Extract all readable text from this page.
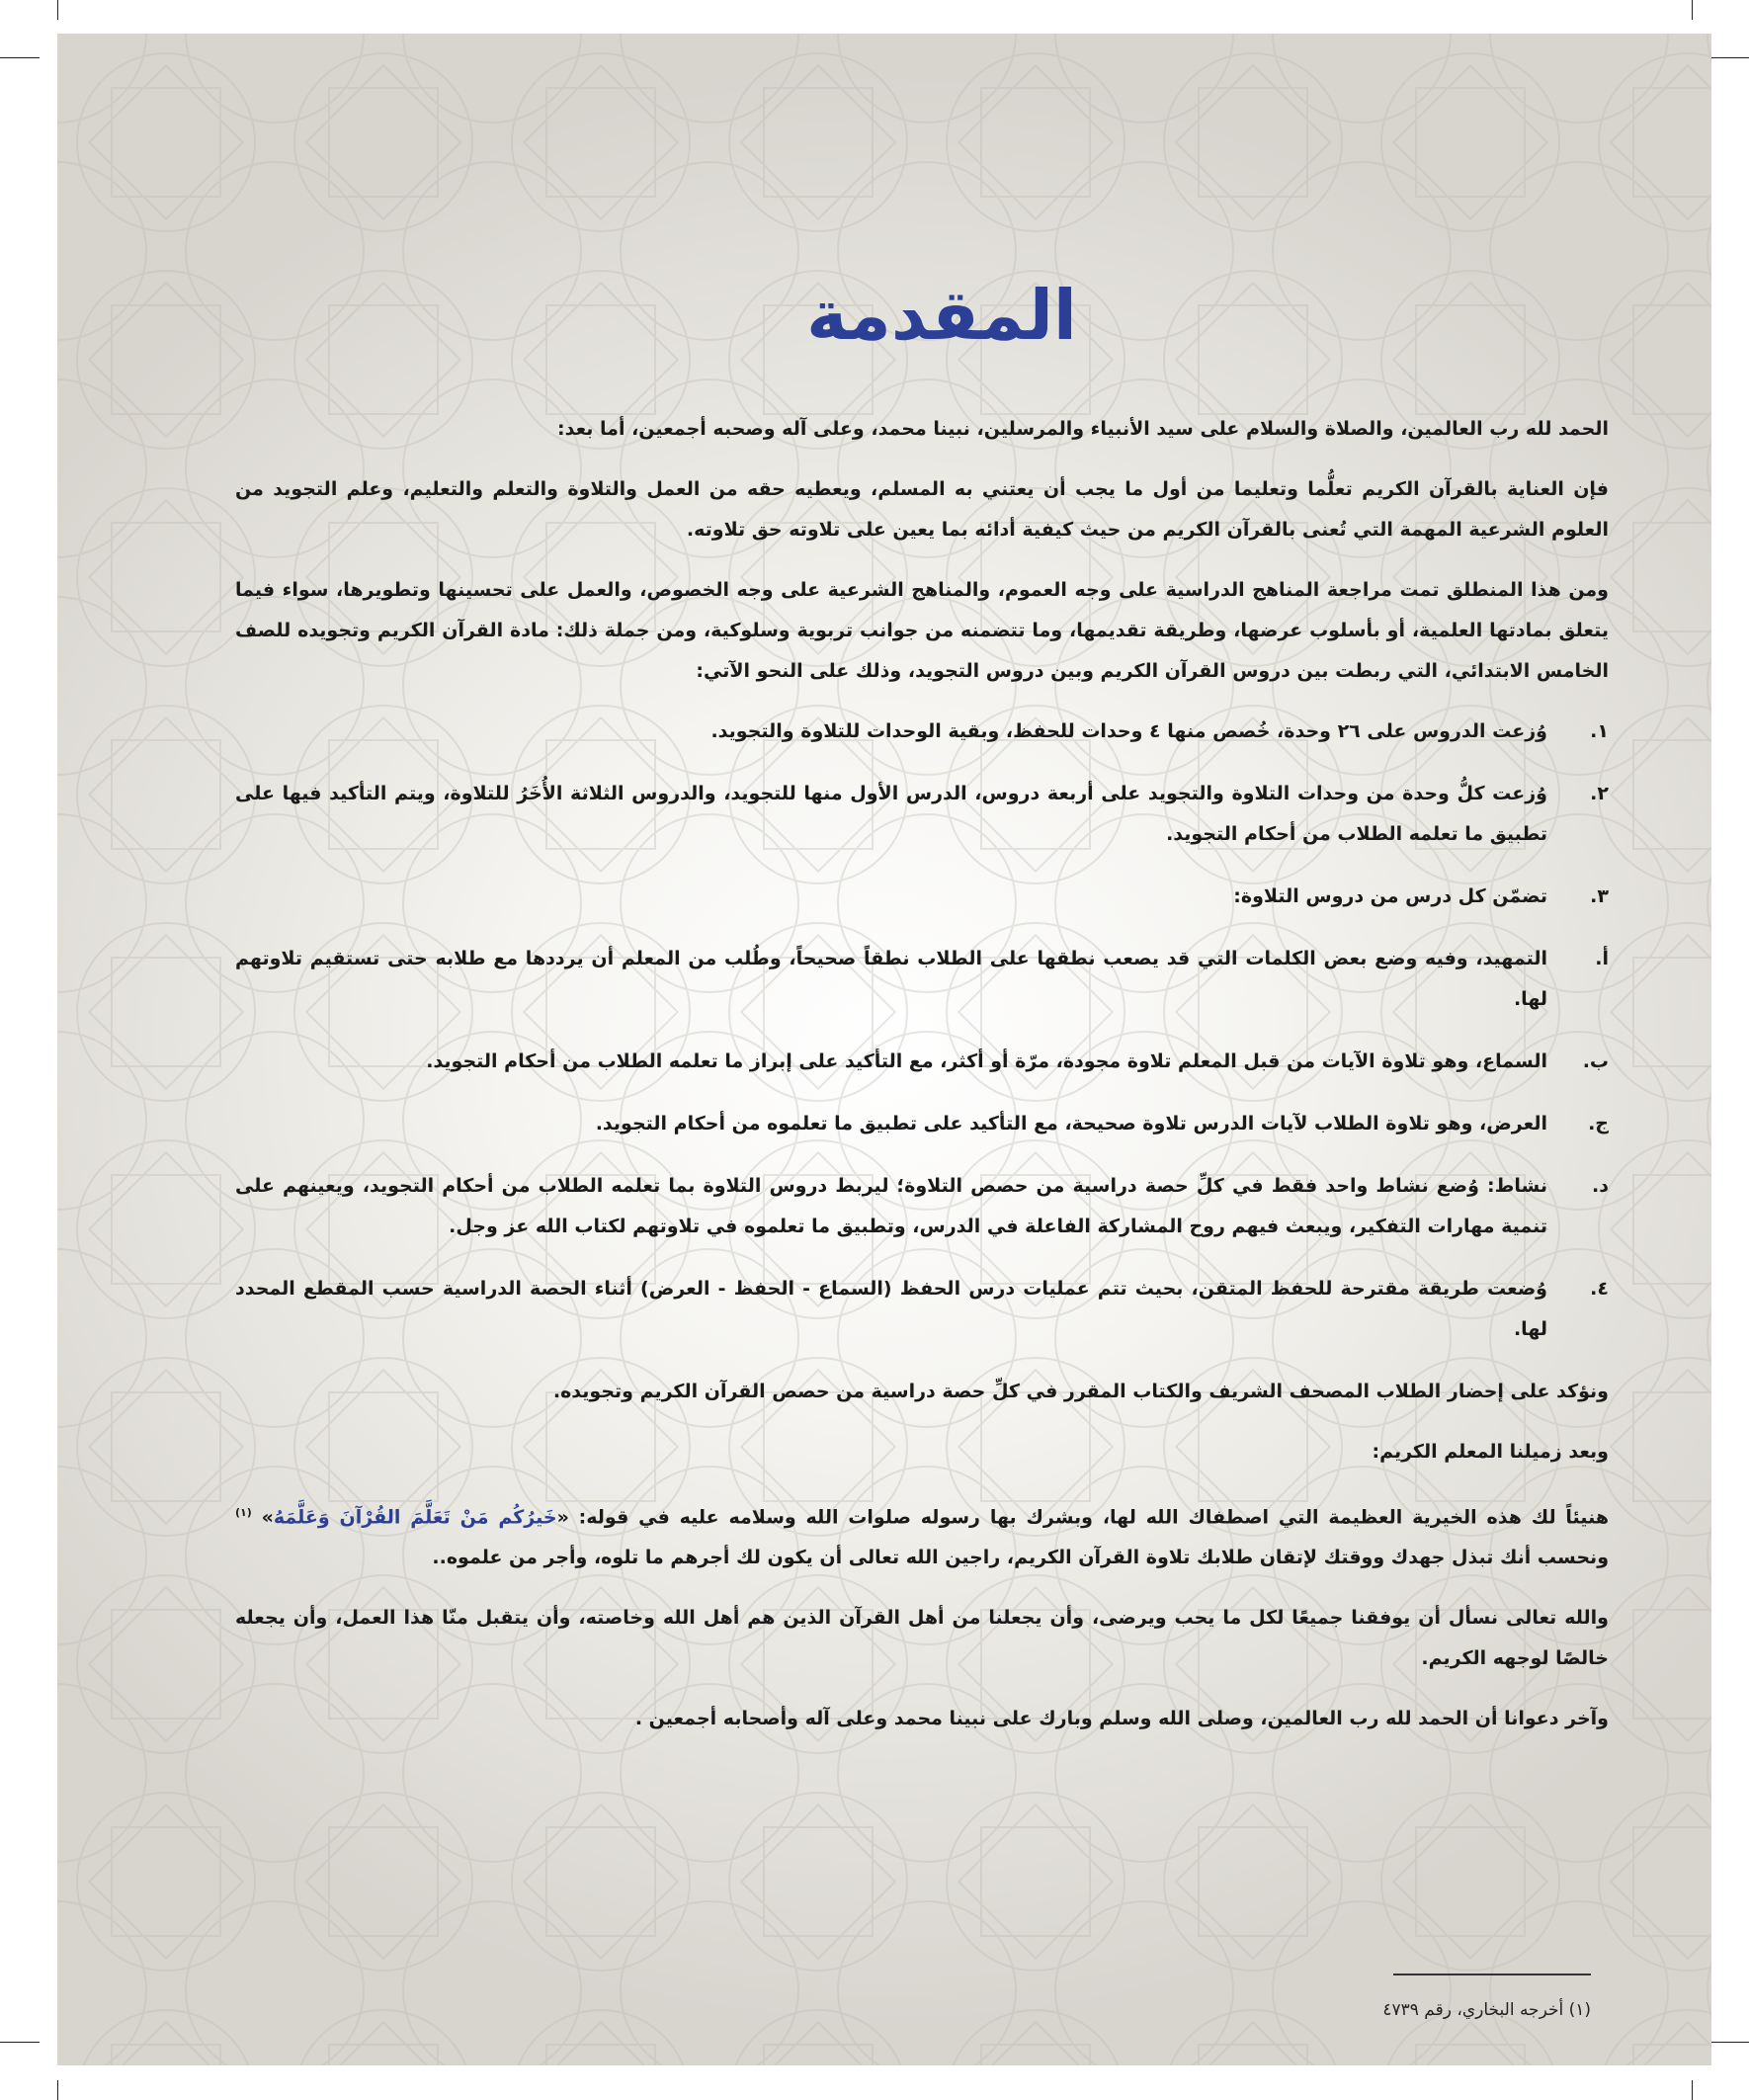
المقدمة

الحمد لله رب العالمين، والصلاة والسلام على سيد الأنبياء والمرسلين، نبينا محمد، وعلى آله وصحبه أجمعين، أما بعد:

فإن العناية بالقرآن الكريم تعلُّما وتعليما من أول ما يجب أن يعتني به المسلم، ويعطيه حقه من العمل والتلاوة والتعلم والتعليم، وعلم التجويد من العلوم الشرعية المهمة التي تُعنى بالقرآن الكريم من حيث كيفية أدائه بما يعين على تلاوته حق تلاوته.

ومن هذا المنطلق تمت مراجعة المناهج الدراسية على وجه العموم، والمناهج الشرعية على وجه الخصوص، والعمل على تحسينها وتطويرها، سواء فيما يتعلق بمادتها العلمية، أو بأسلوب عرضها، وطريقة تقديمها، وما تتضمنه من جوانب تربوية وسلوكية، ومن جملة ذلك: مادة القرآن الكريم وتجويده للصف الخامس الابتدائي، التي ربطت بين دروس القرآن الكريم وبين دروس التجويد، وذلك على النحو الآتي:

١.
وُزعت الدروس على ٢٦ وحدة، خُصص منها ٤ وحدات للحفظ، وبقية الوحدات للتلاوة والتجويد.
٢.
وُزعت كلُّ وحدة من وحدات التلاوة والتجويد على أربعة دروس، الدرس الأول منها للتجويد، والدروس الثلاثة الأُخَرُ للتلاوة، ويتم التأكيد فيها على تطبيق ما تعلمه الطلاب من أحكام التجويد.
٣.
تضمّن كل درس من دروس التلاوة:
أ.
التمهيد، وفيه وضع بعض الكلمات التي قد يصعب نطقها على الطلاب نطقاً صحيحاً، وطُلب من المعلم أن يرددها مع طلابه حتى تستقيم تلاوتهم لها.
ب.
السماع، وهو تلاوة الآيات من قبل المعلم تلاوة مجودة، مرّة أو أكثر، مع التأكيد على إبراز ما تعلمه الطلاب من أحكام التجويد.
ج.
العرض، وهو تلاوة الطلاب لآيات الدرس تلاوة صحيحة، مع التأكيد على تطبيق ما تعلموه من أحكام التجويد.
د.
نشاط: وُضع نشاط واحد فقط في كلِّ حصة دراسية من حصص التلاوة؛ ليربط دروس التلاوة بما تعلمه الطلاب من أحكام التجويد، ويعينهم على تنمية مهارات التفكير، ويبعث فيهم روح المشاركة الفاعلة في الدرس، وتطبيق ما تعلموه في تلاوتهم لكتاب الله عز وجل.
٤.
وُضعت طريقة مقترحة للحفظ المتقن، بحيث تتم عمليات درس الحفظ (السماع - الحفظ - العرض) أثناء الحصة الدراسية حسب المقطع المحدد لها.

ونؤكد على إحضار الطلاب المصحف الشريف والكتاب المقرر في كلِّ حصة دراسية من حصص القرآن الكريم وتجويده.

وبعد زميلنا المعلم الكريم:

هنيئاً لك هذه الخيرية العظيمة التي اصطفاك الله لها، وبشرك بها رسوله صلوات الله وسلامه عليه في قوله: «خَيرُكُم مَنْ تَعَلَّمَ القُرْآنَ وَعَلَّمَهُ» $^{(١)}$ ونحسب أنك تبذل جهدك ووقتك لإتقان طلابك تلاوة القرآن الكريم، راجين الله تعالى أن يكون لك أجرهم ما تلوه، وأجر من علموه..

والله تعالى نسأل أن يوفقنا جميعًا لكل ما يحب ويرضى، وأن يجعلنا من أهل القرآن الذين هم أهل الله وخاصته، وأن يتقبل منّا هذا العمل، وأن يجعله خالصًا لوجهه الكريم.

وآخر دعوانا أن الحمد لله رب العالمين، وصلى الله وسلم وبارك على نبينا محمد وعلى آله وأصحابه أجمعين .

(١) أخرجه البخاري، رقم ٤٧٣٩
